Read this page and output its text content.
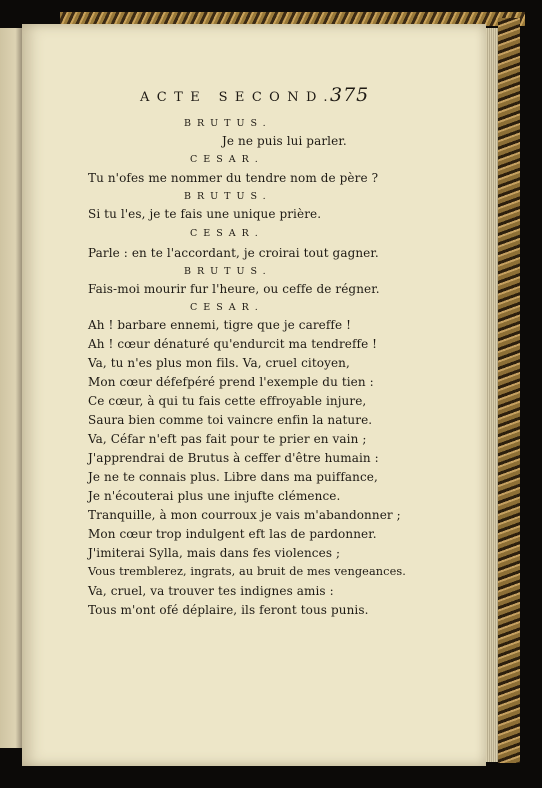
ACTE SECOND.
375
BRUTUS.
Je ne puis lui parler.
CESAR.
Tu n'ofes me nommer du tendre nom de père ?
BRUTUS.
Si tu l'es, je te fais une unique prière.
CESAR.
Parle : en te l'accordant, je croirai tout gagner.
BRUTUS.
Fais-moi mourir fur l'heure, ou ceffe de régner.
CESAR.
Ah ! barbare ennemi, tigre que je careffe !
Ah ! cœur dénaturé qu'endurcit ma tendreffe !
Va, tu n'es plus mon fils. Va, cruel citoyen,
Mon cœur défefpéré prend l'exemple du tien :
Ce cœur, à qui tu fais cette effroyable injure,
Saura bien comme toi vaincre enfin la nature.
Va, Céfar n'eft pas fait pour te prier en vain ;
J'apprendrai de Brutus à ceffer d'être humain :
Je ne te connais plus. Libre dans ma puiffance,
Je n'écouterai plus une injufte clémence.
Tranquille, à mon courroux je vais m'abandonner ;
Mon cœur trop indulgent eft las de pardonner.
J'imiterai Sylla, mais dans fes violences ;
Vous tremblerez, ingrats, au bruit de mes vengeances.
Va, cruel, va trouver tes indignes amis :
Tous m'ont ofé déplaire, ils feront tous punis.
